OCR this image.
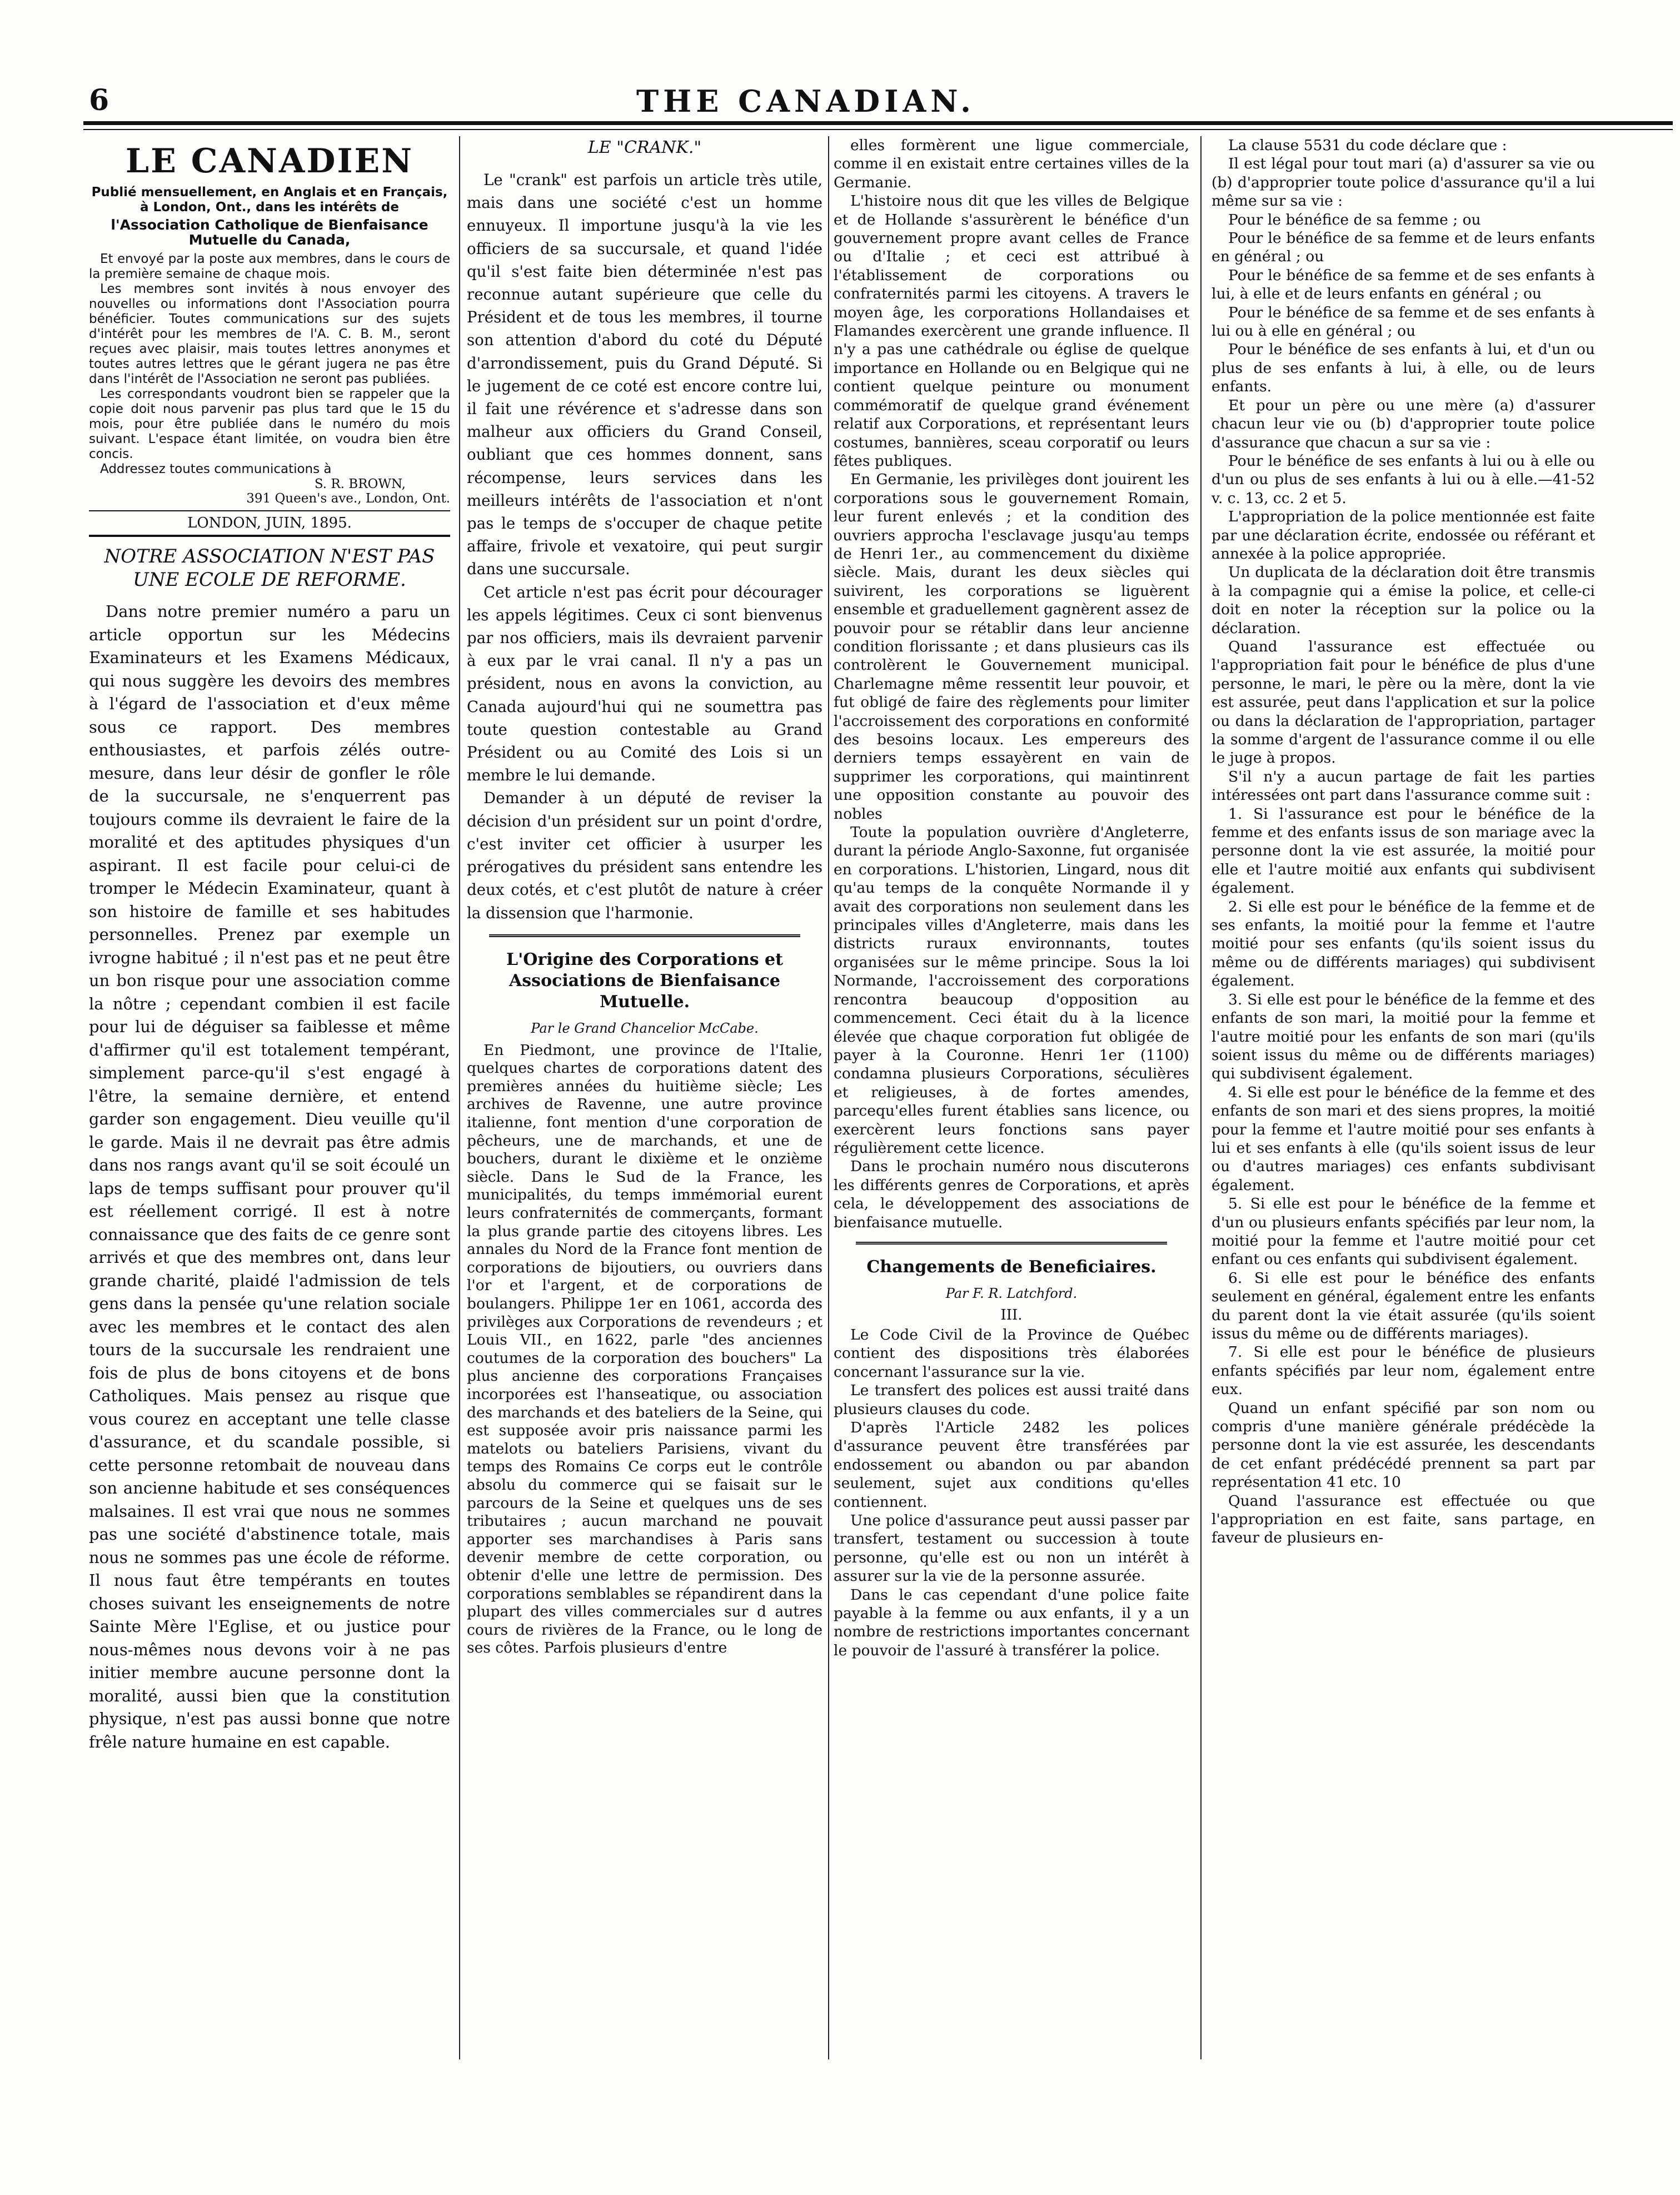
6	THE CANADIAN.
LE CANADIEN
Publié mensuellement, en Anglais et en Français, à London, Ont., dans les intérêts de
l'Association Catholique de Bienfaisance Mutuelle du Canada,
Et envoyé par la poste aux membres, dans le cours de la première semaine de chaque mois.
Les membres sont invités à nous envoyer des nouvelles ou informations dont l'Association pourra bénéficier. Toutes communications sur des sujets d'intérêt pour les membres de l'A. C. B. M., seront reçues avec plaisir, mais toutes lettres anonymes et toutes autres lettres que le gérant jugera ne pas être dans l'intérêt de l'Association ne seront pas publiées.
Les correspondants voudront bien se rappeler que la copie doit nous parvenir pas plus tard que le 15 du mois, pour être publiée dans le numéro du mois suivant. L'espace étant limitée, on voudra bien être concis.
Addressez toutes communications à
S. R. BROWN,
391 Queen's ave., London, Ont.
LONDON, JUIN, 1895.
NOTRE ASSOCIATION N'EST PAS UNE ECOLE DE REFORME.

Dans notre premier numéro a paru un article opportun sur les Médecins Examinateurs et les Examens Médicaux, qui nous suggère les devoirs des membres à l'égard de l'association et d'eux même sous ce rapport. Des membres enthousiastes, et parfois zélés outre-mesure, dans leur désir de gonfler le rôle de la succursale, ne s'enquerrent pas toujours comme ils devraient le faire de la moralité et des aptitudes physiques d'un aspirant. Il est facile pour celui-ci de tromper le Médecin Examinateur, quant à son histoire de famille et ses habitudes personnelles. Prenez par exemple un ivrogne habitué ; il n'est pas et ne peut être un bon risque pour une association comme la nôtre ; cependant combien il est facile pour lui de déguiser sa faiblesse et même d'affirmer qu'il est totalement tempérant, simplement parce-qu'il s'est engagé à l'être, la semaine dernière, et entend garder son engagement. Dieu veuille qu'il le garde. Mais il ne devrait pas être admis dans nos rangs avant qu'il se soit écoulé un laps de temps suffisant pour prouver qu'il est réellement corrigé. Il est à notre connaissance que des faits de ce genre sont arrivés et que des membres ont, dans leur grande charité, plaidé l'admission de tels gens dans la pensée qu'une relation sociale avec les membres et le contact des alen tours de la succursale les rendraient une fois de plus de bons citoyens et de bons Catholiques. Mais pensez au risque que vous courez en acceptant une telle classe d'assurance, et du scandale possible, si cette personne retombait de nouveau dans son ancienne habitude et ses conséquences malsaines. Il est vrai que nous ne sommes pas une société d'abstinence totale, mais nous ne sommes pas une école de réforme. Il nous faut être tempérants en toutes choses suivant les enseignements de notre Sainte Mère l'Eglise, et ou justice pour nous-mêmes nous devons voir à ne pas initier membre aucune personne dont la moralité, aussi bien que la constitution physique, n'est pas aussi bonne que notre frêle nature humaine en est capable.

LE "CRANK."

Le "crank" est parfois un article très utile, mais dans une société c'est un homme ennuyeux. Il importune jusqu'à la vie les officiers de sa succursale, et quand l'idée qu'il s'est faite bien déterminée n'est pas reconnue autant supérieure que celle du Président et de tous les membres, il tourne son attention d'abord du coté du Député d'arrondissement, puis du Grand Député. Si le jugement de ce coté est encore contre lui, il fait une révérence et s'adresse dans son malheur aux officiers du Grand Conseil, oubliant que ces hommes donnent, sans récompense, leurs services dans les meilleurs intérêts de l'association et n'ont pas le temps de s'occuper de chaque petite affaire, frivole et vexatoire, qui peut surgir dans une succursale.

Cet article n'est pas écrit pour décourager les appels légitimes. Ceux ci sont bienvenus par nos officiers, mais ils devraient parvenir à eux par le vrai canal. Il n'y a pas un président, nous en avons la conviction, au Canada aujourd'hui qui ne soumettra pas toute question contestable au Grand Président ou au Comité des Lois si un membre le lui demande.

Demander à un député de reviser la décision d'un président sur un point d'ordre, c'est inviter cet officier à usurper les prérogatives du président sans entendre les deux cotés, et c'est plutôt de nature à créer la dissension que l'harmonie.

L'Origine des Corporations et Associations de Bienfaisance Mutuelle.
Par le Grand Chancelior McCabe.

En Piedmont, une province de l'Italie, quelques chartes de corporations datent des premières années du huitième siècle; Les archives de Ravenne, une autre province italienne, font mention d'une corporation de pêcheurs, une de marchands, et une de bouchers, durant le dixième et le onzième siècle. Dans le Sud de la France, les municipalités, du temps immémorial eurent leurs confraternités de commerçants, formant la plus grande partie des citoyens libres. Les annales du Nord de la France font mention de corporations de bijoutiers, ou ouvriers dans l'or et l'argent, et de corporations de boulangers. Philippe 1er en 1061, accorda des privilèges aux Corporations de revendeurs ; et Louis VII., en 1622, parle "des anciennes coutumes de la corporation des bouchers" La plus ancienne des corporations Françaises incorporées est l'hanseatique, ou association des marchands et des bateliers de la Seine, qui est supposée avoir pris naissance parmi les matelots ou bateliers Parisiens, vivant du temps des Romains Ce corps eut le contrôle absolu du commerce qui se faisait sur le parcours de la Seine et quelques uns de ses tributaires ; aucun marchand ne pouvait apporter ses marchandises à Paris sans devenir membre de cette corporation, ou obtenir d'elle une lettre de permission. Des corporations semblables se répandirent dans la plupart des villes commerciales sur d autres cours de rivières de la France, ou le long de ses côtes. Parfois plusieurs d'entre

elles formèrent une ligue commerciale, comme il en existait entre certaines villes de la Germanie.

L'histoire nous dit que les villes de Belgique et de Hollande s'assurèrent le bénéfice d'un gouvernement propre avant celles de France ou d'Italie ; et ceci est attribué à l'établissement de corporations ou confraternités parmi les citoyens. A travers le moyen âge, les corporations Hollandaises et Flamandes exercèrent une grande influence. Il n'y a pas une cathédrale ou église de quelque importance en Hollande ou en Belgique qui ne contient quelque peinture ou monument commémoratif de quelque grand événement relatif aux Corporations, et représentant leurs costumes, bannières, sceau corporatif ou leurs fêtes publiques.

En Germanie, les privilèges dont jouirent les corporations sous le gouvernement Romain, leur furent enlevés ; et la condition des ouvriers approcha l'esclavage jusqu'au temps de Henri 1er., au commencement du dixième siècle. Mais, durant les deux siècles qui suivirent, les corporations se liguèrent ensemble et graduellement gagnèrent assez de pouvoir pour se rétablir dans leur ancienne condition florissante ; et dans plusieurs cas ils controlèrent le Gouvernement municipal. Charlemagne même ressentit leur pouvoir, et fut obligé de faire des règlements pour limiter l'accroissement des corporations en conformité des besoins locaux. Les empereurs des derniers temps essayèrent en vain de supprimer les corporations, qui maintinrent une opposition constante au pouvoir des nobles

Toute la population ouvrière d'Angleterre, durant la période Anglo-Saxonne, fut organisée en corporations. L'historien, Lingard, nous dit qu'au temps de la conquête Normande il y avait des corporations non seulement dans les principales villes d'Angleterre, mais dans les districts ruraux environnants, toutes organisées sur le même principe. Sous la loi Normande, l'accroissement des corporations rencontra beaucoup d'opposition au commencement. Ceci était du à la licence élevée que chaque corporation fut obligée de payer à la Couronne. Henri 1er (1100) condamna plusieurs Corporations, séculières et religieuses, à de fortes amendes, parcequ'elles furent établies sans licence, ou exercèrent leurs fonctions sans payer régulièrement cette licence.

Dans le prochain numéro nous discuterons les différents genres de Corporations, et après cela, le développement des associations de bienfaisance mutuelle.

Changements de Beneficiaires.
Par F. R. Latchford.
III.

Le Code Civil de la Province de Québec contient des dispositions très élaborées concernant l'assurance sur la vie.

Le transfert des polices est aussi traité dans plusieurs clauses du code.

D'après l'Article 2482 les polices d'assurance peuvent être transférées par endossement ou abandon ou par abandon seulement, sujet aux conditions qu'elles contiennent.

Une police d'assurance peut aussi passer par transfert, testament ou succession à toute personne, qu'elle est ou non un intérêt à assurer sur la vie de la personne assurée.

Dans le cas cependant d'une police faite payable à la femme ou aux enfants, il y a un nombre de restrictions importantes concernant le pouvoir de l'assuré à transférer la police.

La clause 5531 du code déclare que :

Il est légal pour tout mari (a) d'assurer sa vie ou (b) d'approprier toute police d'assurance qu'il a lui même sur sa vie :

Pour le bénéfice de sa femme ; ou

Pour le bénéfice de sa femme et de leurs enfants en général ; ou

Pour le bénéfice de sa femme et de ses enfants à lui, à elle et de leurs enfants en général ; ou

Pour le bénéfice de sa femme et de ses enfants à lui ou à elle en général ; ou

Pour le bénéfice de ses enfants à lui, et d'un ou plus de ses enfants à lui, à elle, ou de leurs enfants.

Et pour un père ou une mère (a) d'assurer chacun leur vie ou (b) d'approprier toute police d'assurance que chacun a sur sa vie :

Pour le bénéfice de ses enfants à lui ou à elle ou d'un ou plus de ses enfants à lui ou à elle.—41-52 v. c. 13, cc. 2 et 5.

L'appropriation de la police mentionnée est faite par une déclaration écrite, endossée ou référant et annexée à la police appropriée.

Un duplicata de la déclaration doit être transmis à la compagnie qui a émise la police, et celle-ci doit en noter la réception sur la police ou la déclaration.

Quand l'assurance est effectuée ou l'appropriation fait pour le bénéfice de plus d'une personne, le mari, le père ou la mère, dont la vie est assurée, peut dans l'application et sur la police ou dans la déclaration de l'appropriation, partager la somme d'argent de l'assurance comme il ou elle le juge à propos.

S'il n'y a aucun partage de fait les parties intéressées ont part dans l'assurance comme suit :

1. Si l'assurance est pour le bénéfice de la femme et des enfants issus de son mariage avec la personne dont la vie est assurée, la moitié pour elle et l'autre moitié aux enfants qui subdivisent également.

2. Si elle est pour le bénéfice de la femme et de ses enfants, la moitié pour la femme et l'autre moitié pour ses enfants (qu'ils soient issus du même ou de différents mariages) qui subdivisent également.

3. Si elle est pour le bénéfice de la femme et des enfants de son mari, la moitié pour la femme et l'autre moitié pour les enfants de son mari (qu'ils soient issus du même ou de différents mariages) qui subdivisent également.

4. Si elle est pour le bénéfice de la femme et des enfants de son mari et des siens propres, la moitié pour la femme et l'autre moitié pour ses enfants à lui et ses enfants à elle (qu'ils soient issus de leur ou d'autres mariages) ces enfants subdivisant également.

5. Si elle est pour le bénéfice de la femme et d'un ou plusieurs enfants spécifiés par leur nom, la moitié pour la femme et l'autre moitié pour cet enfant ou ces enfants qui subdivisent également.

6. Si elle est pour le bénéfice des enfants seulement en général, également entre les enfants du parent dont la vie était assurée (qu'ils soient issus du même ou de différents mariages).

7. Si elle est pour le bénéfice de plusieurs enfants spécifiés par leur nom, également entre eux.

Quand un enfant spécifié par son nom ou compris d'une manière générale prédécède la personne dont la vie est assurée, les descendants de cet enfant prédécédé prennent sa part par représentation 41 etc. 10

Quand l'assurance est effectuée ou que l'appropriation en est faite, sans partage, en faveur de plusieurs en-
